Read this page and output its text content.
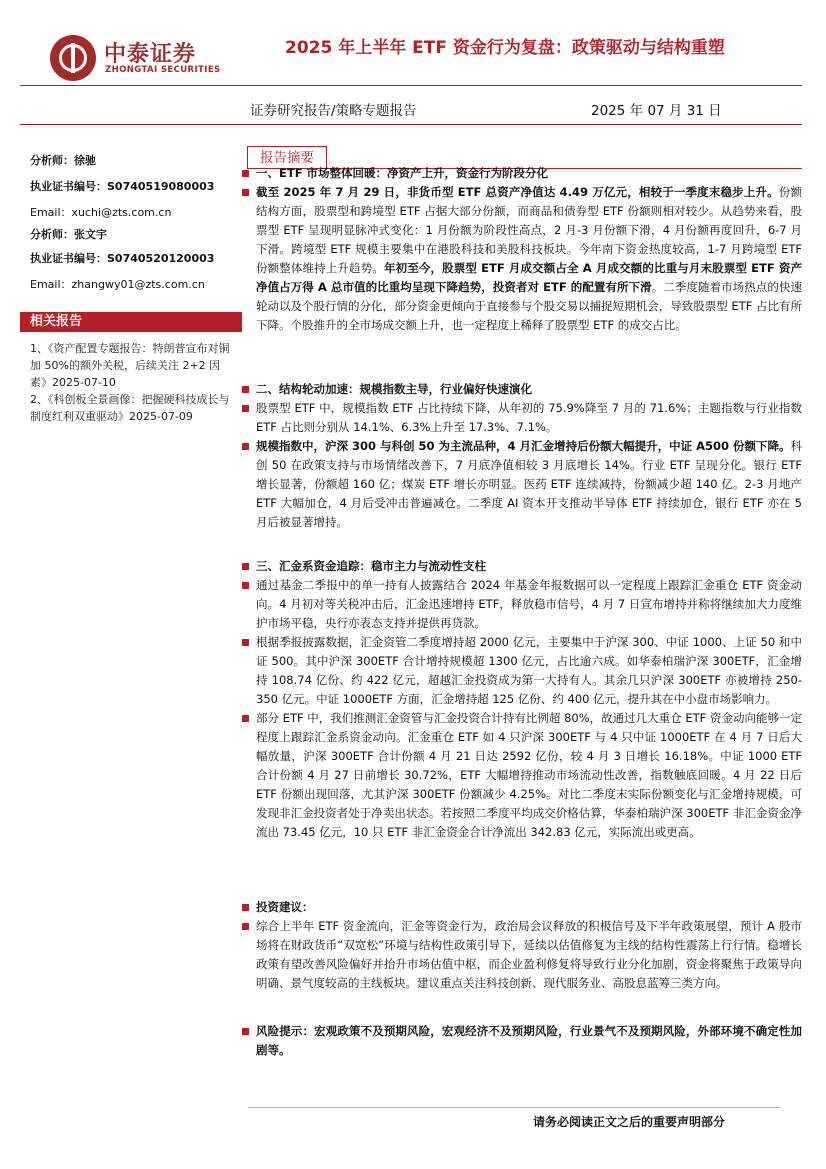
中泰证券
ZHONGTAI SECURITIES
2025 年上半年 ETF 资金行为复盘：政策驱动与结构重塑
证券研究报告/策略专题报告	2025 年 07 月 31 日
分析师：徐驰
执业证书编号：S0740519080003
Email：xuchi@zts.com.cn
分析师：张文宇
执业证书编号：S0740520120003
Email：zhangwy01@zts.com.cn
相关报告

1、《资产配置专题报告：特朗普宣布对铜加 50%的额外关税，后续关注 2+2 因素》2025-07-10

2、《科创板全景画像：把握硬科技成长与制度红利双重驱动》2025-07-09

报告摘要

一、ETF 市场整体回暖：净资产上升，资金行为阶段分化

截至 2025 年 7 月 29 日，非货币型 ETF 总资产净值达 4.49 万亿元，相较于一季度末稳步上升。份额结构方面，股票型和跨境型 ETF 占据大部分份额，而商品和债券型 ETF 份额则相对较少。从趋势来看，股票型 ETF 呈现明显脉冲式变化：1 月份额为阶段性高点，2 月-3 月份额下滑，4 月份额再度回升，6-7 月下滑。跨境型 ETF 规模主要集中在港股科技和美股科技板块。今年南下资金热度较高，1-7 月跨境型 ETF 份额整体维持上升趋势。年初至今，股票型 ETF 月成交额占全 A 月成交额的比重与月末股票型 ETF 资产净值占万得 A 总市值的比重均呈现下降趋势，投资者对 ETF 的配置有所下滑。二季度随着市场热点的快速轮动以及个股行情的分化，部分资金更倾向于直接参与个股交易以捕捉短期机会，导致股票型 ETF 占比有所下降。个股推升的全市场成交额上升，也一定程度上稀释了股票型 ETF 的成交占比。

二、结构轮动加速：规模指数主导，行业偏好快速演化

股票型 ETF 中，规模指数 ETF 占比持续下降，从年初的 75.9%降至 7 月的 71.6%；主题指数与行业指数 ETF 占比则分别从 14.1%、6.3%上升至 17.3%、7.1%。

规模指数中，沪深 300 与科创 50 为主流品种，4 月汇金增持后份额大幅提升，中证 A500 份额下降。科创 50 在政策支持与市场情绪改善下，7 月底净值相较 3 月底增长 14%。行业 ETF 呈现分化。银行 ETF 增长显著，份额超 160 亿；煤炭 ETF 增长亦明显。医药 ETF 连续减持，份额减少超 140 亿。2-3 月地产 ETF 大幅加仓，4 月后受冲击普遍减仓。二季度 AI 资本开支推动半导体 ETF 持续加仓，银行 ETF 亦在 5 月后被显著增持。

三、汇金系资金追踪：稳市主力与流动性支柱

通过基金二季报中的单一持有人披露结合 2024 年基金年报数据可以一定程度上跟踪汇金重仓 ETF 资金动向。4 月初对等关税冲击后，汇金迅速增持 ETF，释放稳市信号，4 月 7 日宣布增持并称将继续加大力度维护市场平稳，央行亦表态支持并提供再贷款。

根据季报披露数据，汇金资管二季度增持超 2000 亿元，主要集中于沪深 300、中证 1000、上证 50 和中证 500。其中沪深 300ETF 合计增持规模超 1300 亿元，占比逾六成。如华泰柏瑞沪深 300ETF，汇金增持 108.74 亿份、约 422 亿元，超越汇金投资成为第一大持有人。其余几只沪深 300ETF 亦被增持 250-350 亿元。中证 1000ETF 方面，汇金增持超 125 亿份、约 400 亿元，提升其在中小盘市场影响力。

部分 ETF 中，我们推测汇金资管与汇金投资合计持有比例超 80%，故通过几大重仓 ETF 资金动向能够一定程度上跟踪汇金系资金动向。汇金重仓 ETF 如 4 只沪深 300ETF 与 4 只中证 1000ETF 在 4 月 7 日后大幅放量，沪深 300ETF 合计份额 4 月 21 日达 2592 亿份，较 4 月 3 日增长 16.18%。中证 1000 ETF 合计份额 4 月 27 日前增长 30.72%，ETF 大幅增持推动市场流动性改善，指数触底回暖。4 月 22 日后 ETF 份额出现回落，尤其沪深 300ETF 份额减少 4.25%。对比二季度末实际份额变化与汇金增持规模，可发现非汇金投资者处于净卖出状态。若按照二季度平均成交价格估算，华泰柏瑞沪深 300ETF 非汇金资金净流出 73.45 亿元，10 只 ETF 非汇金资金合计净流出 342.83 亿元，实际流出或更高。

投资建议：

综合上半年 ETF 资金流向，汇金等资金行为，政治局会议释放的积极信号及下半年政策展望，预计 A 股市场将在财政货币“双宽松”环境与结构性政策引导下，延续以估值修复为主线的结构性震荡上行行情。稳增长政策有望改善风险偏好并抬升市场估值中枢，而企业盈利修复将导致行业分化加剧，资金将聚焦于政策导向明确、景气度较高的主线板块。建议重点关注科技创新、现代服务业、高股息蓝筹三类方向。

风险提示：宏观政策不及预期风险，宏观经济不及预期风险，行业景气不及预期风险，外部环境不确定性加剧等。

请务必阅读正文之后的重要声明部分
